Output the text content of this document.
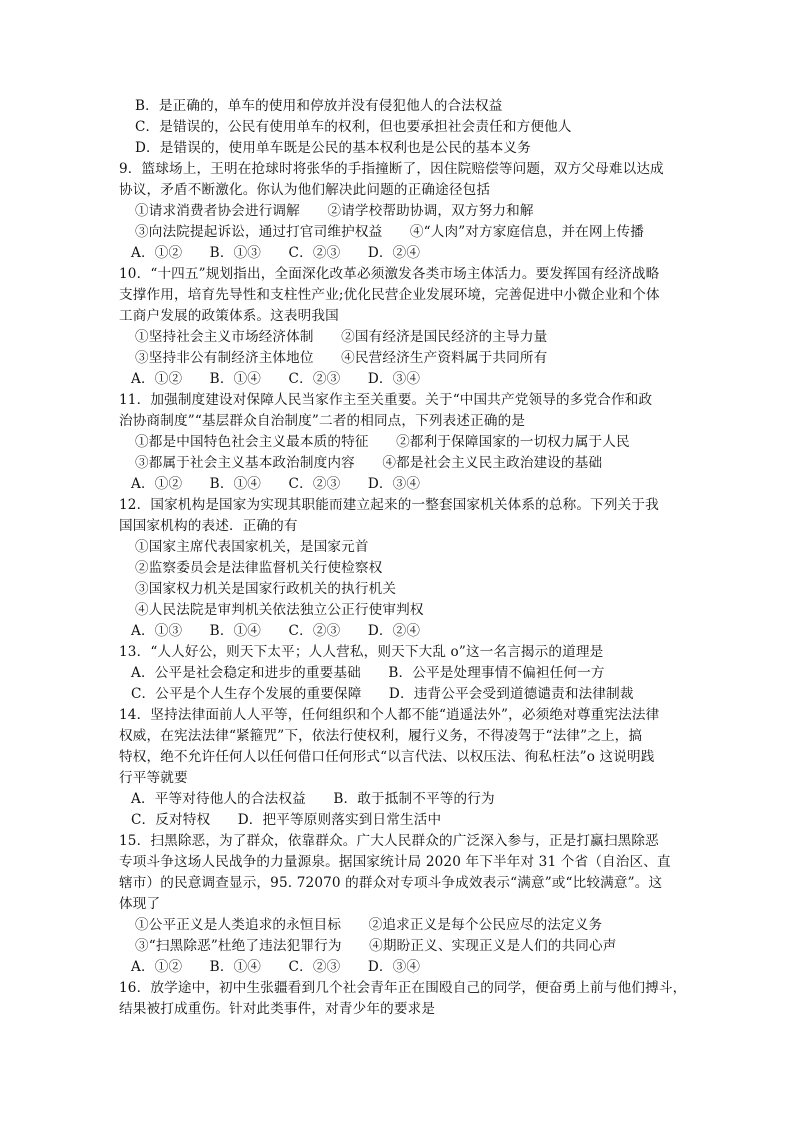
B．是正确的，单车的使用和停放并没有侵犯他人的合法权益
C．是错误的，公民有使用单车的权利，但也要承担社会责任和方便他人
D．是错误的，使用单车既是公民的基本权利也是公民的基本义务
9．篮球场上，王明在抢球时将张华的手指撞断了，因住院赔偿等问题，双方父母难以达成
协议，矛盾不断激化。你认为他们解决此问题的正确途径包括
①请求消费者协会进行调解　　②请学校帮助协调，双方努力和解
③向法院提起诉讼，通过打官司维护权益　　④“人肉”对方家庭信息，并在网上传播
A．①②　　B．①③　　C．②③　　D．②④
10．“十四五”规划指出，全面深化改革必须激发各类市场主体活力。要发挥国有经济战略
支撑作用，培育先导性和支柱性产业;优化民营企业发展环境，完善促进中小微企业和个体
工商户发展的政策体系。这表明我国
①坚持社会主义市场经济体制　　②国有经济是国民经济的主导力量
③坚持非公有制经济主体地位　　④民营经济生产资料属于共同所有
A．①②　　B．①④　　C．②③　　D．③④
11．加强制度建设对保障人民当家作主至关重要。关于“中国共产党领导的多党合作和政
治协商制度”“基层群众自治制度”二者的相同点，下列表述正确的是
①都是中国特色社会主义最本质的特征　　②都利于保障国家的一切权力属于人民
③都属于社会主义基本政治制度内容　　④都是社会主义民主政治建设的基础
A．①②　　B．①④　　C．②③　　D．③④
12．国家机构是国家为实现其职能而建立起来的一整套国家机关体系的总称。下列关于我
国国家机构的表述．正确的有
①国家主席代表国家机关，是国家元首
②监察委员会是法律监督机关行使检察权
③国家权力机关是国家行政机关的执行机关
④人民法院是审判机关依法独立公正行使审判权
A．①③　　B．①④　　C．②③　　D．②④
13．“人人好公，则天下太平；人人营私，则天下大乱 o”这一名言揭示的道理是
A．公平是社会稳定和进步的重要基础　　B．公平是处理事情不偏袒任何一方
C．公平是个人生存个发展的重要保障　　D．违背公平会受到道德谴责和法律制裁
14．坚持法律面前人人平等，任何组织和个人都不能“逍遥法外”，必须绝对尊重宪法法律
权威，在宪法法律“紧箍咒”下，依法行使权利，履行义务，不得凌驾于“法律”之上，搞
特权，绝不允许任何人以任何借口任何形式“以言代法、以权压法、徇私枉法”o 这说明践
行平等就要
A．平等对待他人的合法权益　　B．敢于抵制不平等的行为
C．反对特权　　D．把平等原则落实到日常生活中
15．扫黑除恶，为了群众，依靠群众。广大人民群众的广泛深入参与，正是打赢扫黑除恶
专项斗争这场人民战争的力量源泉。据国家统计局 2020 年下半年对 31 个省（自治区、直
辖市）的民意调查显示，95. 72070 的群众对专项斗争成效表示“满意”或“比较满意”。这
体现了
①公平正义是人类追求的永恒目标　　②追求正义是每个公民应尽的法定义务
③“扫黑除恶”杜绝了违法犯罪行为　　④期盼正义、实现正义是人们的共同心声
A．①②　　B．①④　　C．②③　　D．③④
16．放学途中，初中生张疆看到几个社会青年正在围殴自己的同学，便奋勇上前与他们搏斗，
结果被打成重伤。针对此类事件，对青少年的要求是
